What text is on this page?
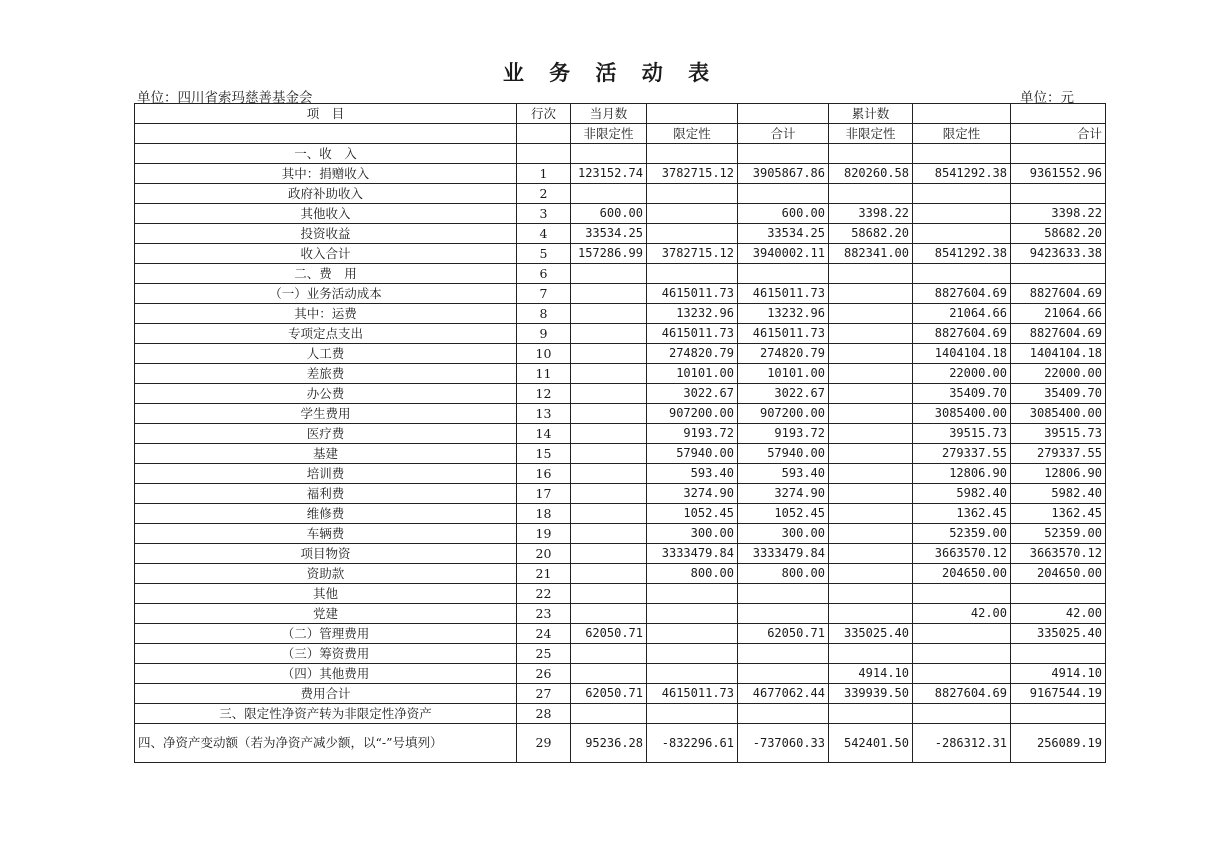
业 务 活 动 表
单位：四川省索玛慈善基金会	单位：元
项　目	行次	当月数			累计数		
		非限定性	限定性	合计	非限定性	限定性	合计
一、收　入							
其中：捐赠收入	1	123152.74	3782715.12	3905867.86	820260.58	8541292.38	9361552.96
政府补助收入	2						
其他收入	3	600.00		600.00	3398.22		3398.22
投资收益	4	33534.25		33534.25	58682.20		58682.20
收入合计	5	157286.99	3782715.12	3940002.11	882341.00	8541292.38	9423633.38
二、费　用	6						
（一）业务活动成本	7		4615011.73	4615011.73		8827604.69	8827604.69
其中：运费	8		13232.96	13232.96		21064.66	21064.66
专项定点支出	9		4615011.73	4615011.73		8827604.69	8827604.69
人工费	10		274820.79	274820.79		1404104.18	1404104.18
差旅费	11		10101.00	10101.00		22000.00	22000.00
办公费	12		3022.67	3022.67		35409.70	35409.70
学生费用	13		907200.00	907200.00		3085400.00	3085400.00
医疗费	14		9193.72	9193.72		39515.73	39515.73
基建	15		57940.00	57940.00		279337.55	279337.55
培训费	16		593.40	593.40		12806.90	12806.90
福利费	17		3274.90	3274.90		5982.40	5982.40
维修费	18		1052.45	1052.45		1362.45	1362.45
车辆费	19		300.00	300.00		52359.00	52359.00
项目物资	20		3333479.84	3333479.84		3663570.12	3663570.12
资助款	21		800.00	800.00		204650.00	204650.00
其他	22						
党建	23					42.00	42.00
（二）管理费用	24	62050.71		62050.71	335025.40		335025.40
（三）筹资费用	25						
（四）其他费用	26				4914.10		4914.10
费用合计	27	62050.71	4615011.73	4677062.44	339939.50	8827604.69	9167544.19
三、限定性净资产转为非限定性净资产	28						
四、净资产变动额（若为净资产减少额，以“-”号填列）	29	95236.28	-832296.61	-737060.33	542401.50	-286312.31	256089.19
